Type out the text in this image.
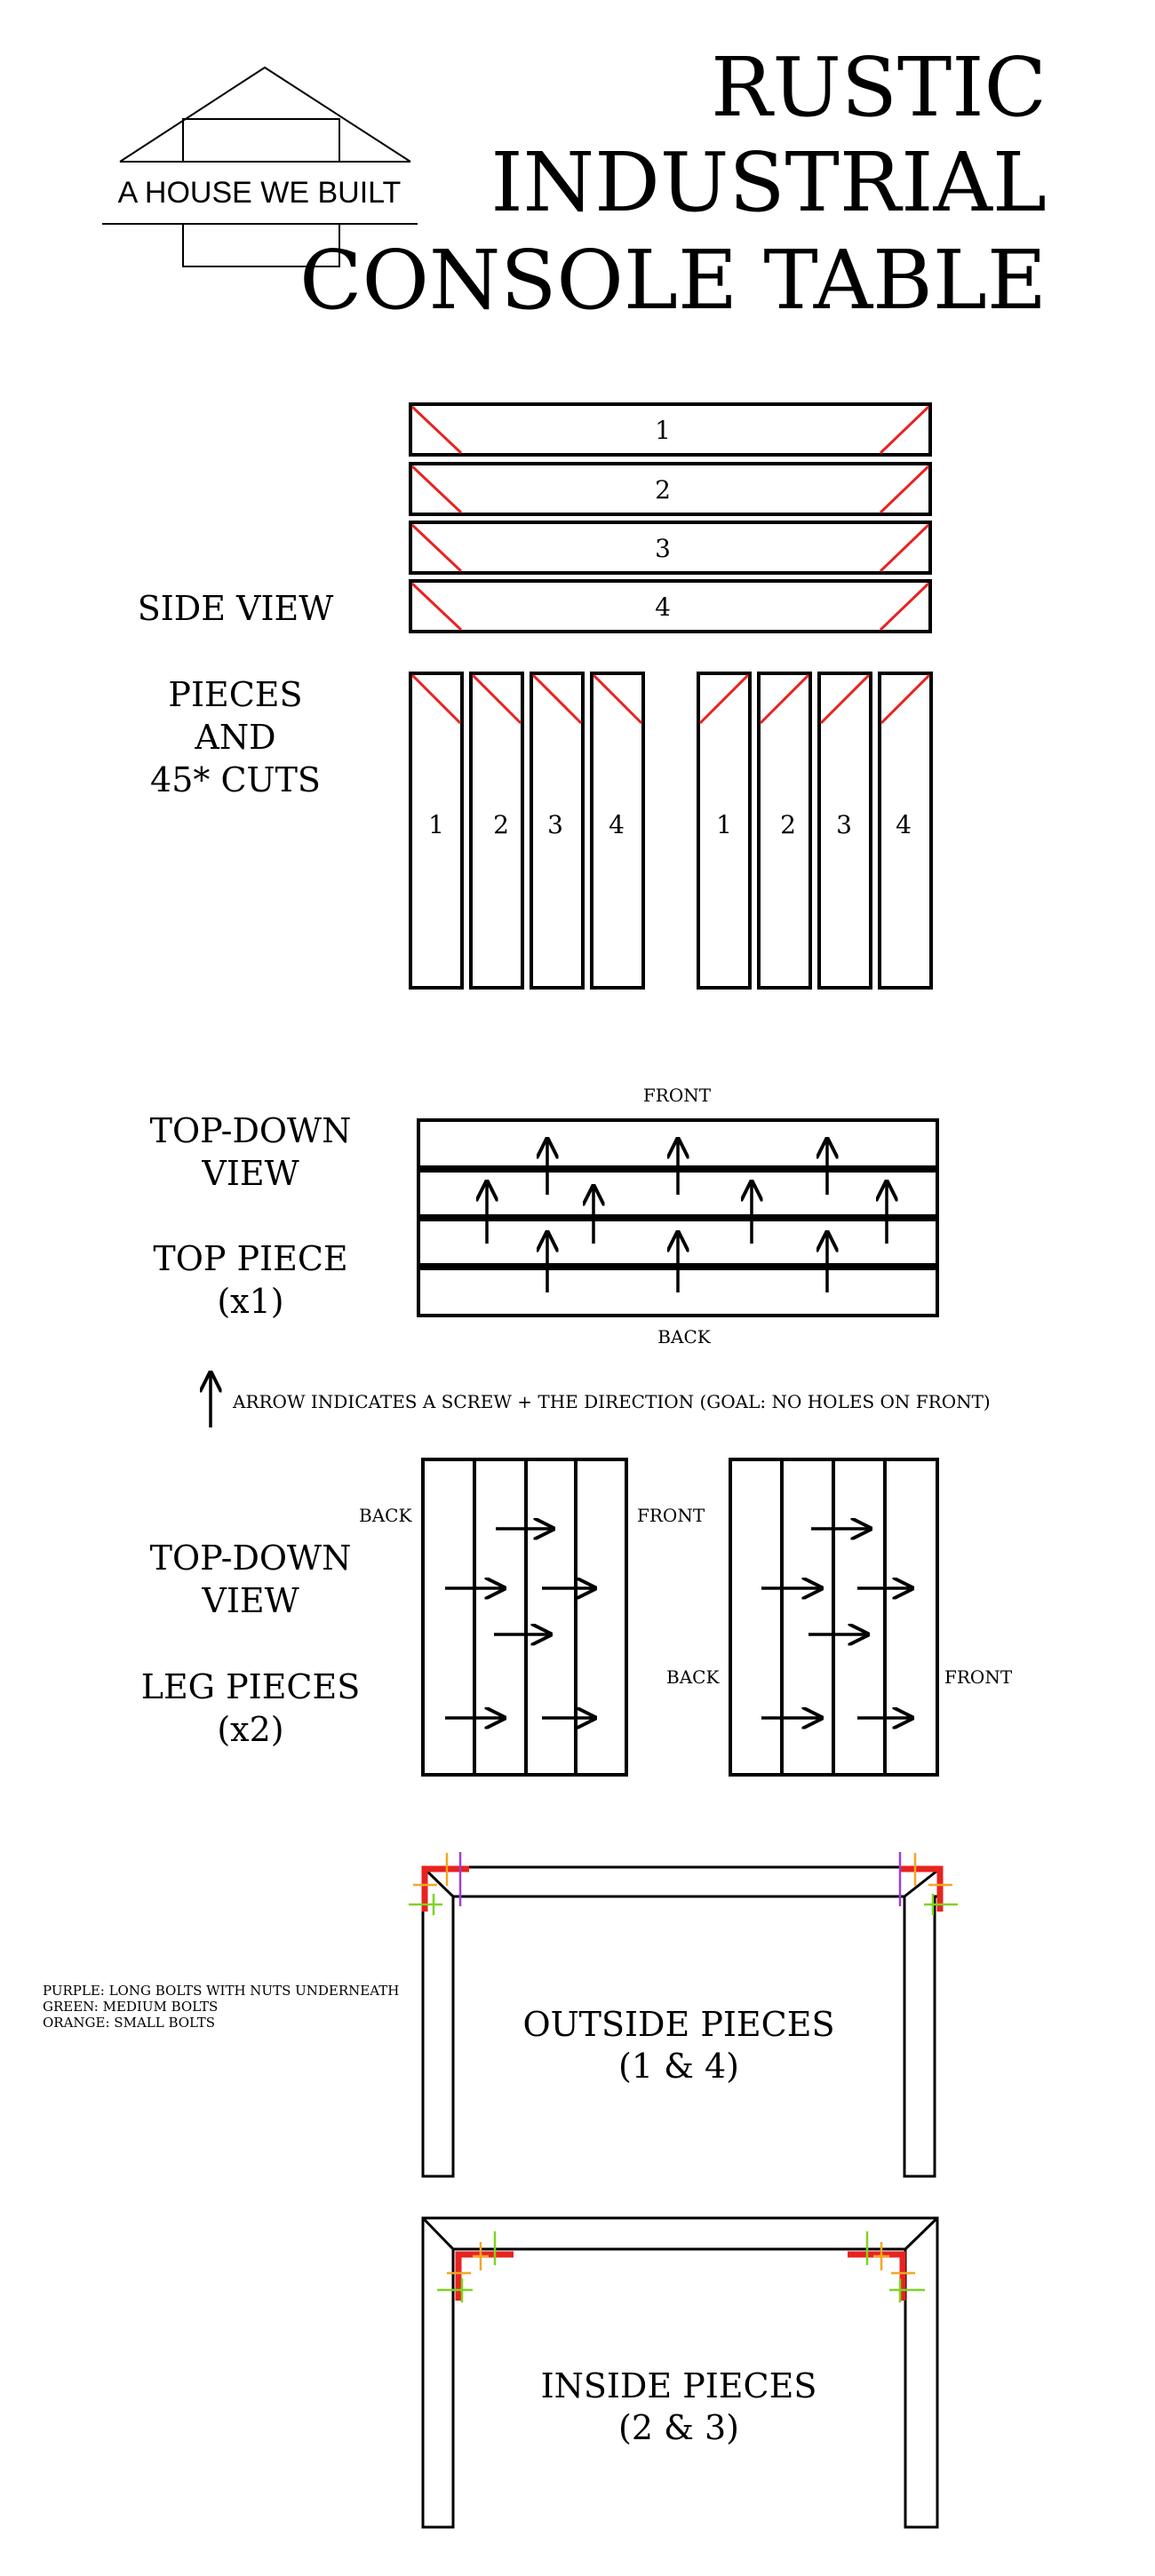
A HOUSE WE BUILT
RUSTIC
INDUSTRIAL
CONSOLE TABLE
SIDE VIEW
1
2
3
4
PIECES
AND
45* CUTS
1 2 3 4	1 2 3 4
TOP-DOWN
VIEW
TOP PIECE
(x1)
FRONT
BACK
ARROW INDICATES A SCREW + THE DIRECTION (GOAL: NO HOLES ON FRONT)
TOP-DOWN
VIEW
LEG PIECES
(x2)
BACK	FRONT
BACK	FRONT
PURPLE: LONG BOLTS WITH NUTS UNDERNEATH
GREEN: MEDIUM BOLTS
ORANGE: SMALL BOLTS	OUTSIDE PIECES
(1 & 4)
INSIDE PIECES
(2 & 3)
